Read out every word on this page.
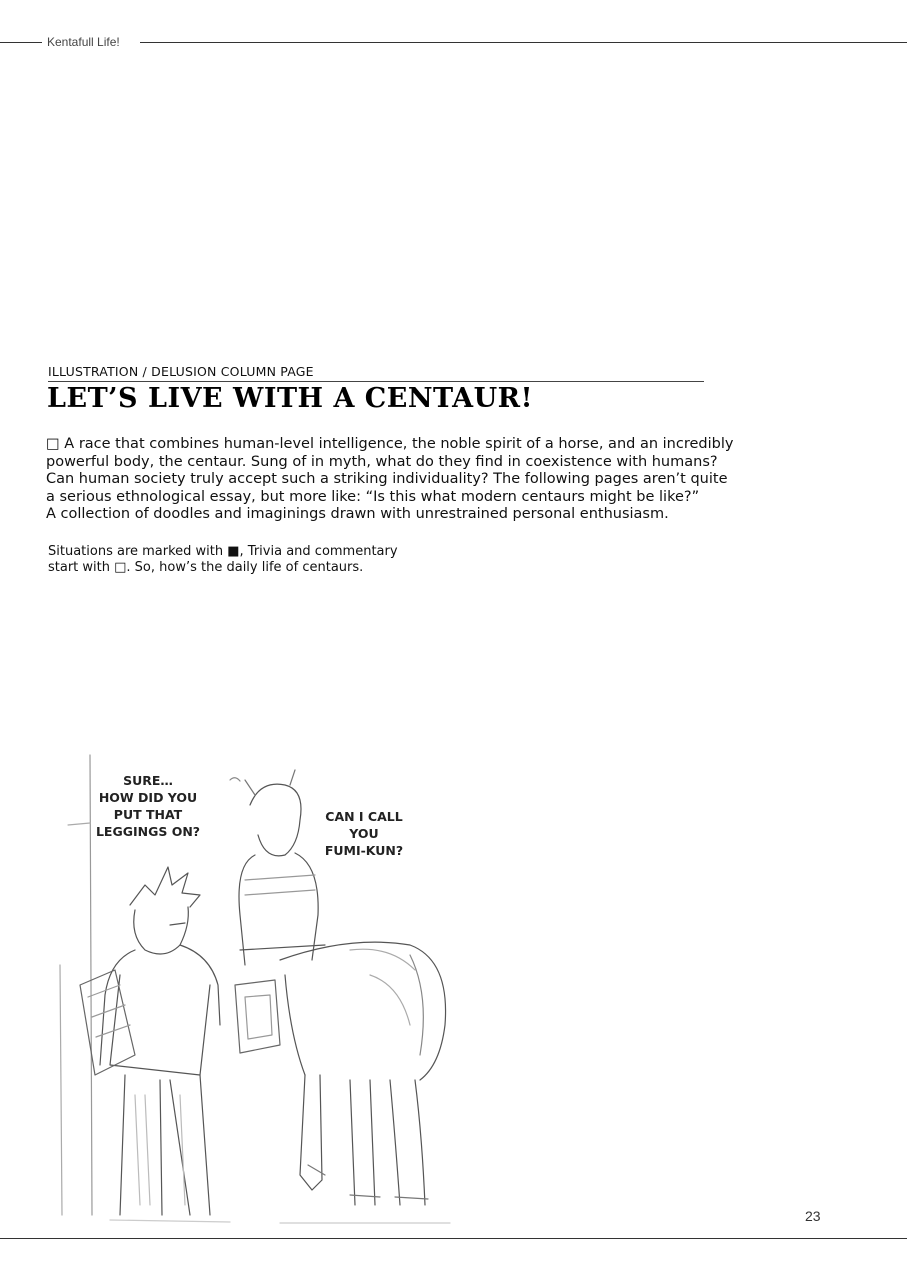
Kentafull Life!
ILLUSTRATION / DELUSION COLUMN PAGE
LET’S LIVE WITH A CENTAUR!
□ A race that combines human-level intelligence, the noble spirit of a horse, and an incredibly
powerful body, the centaur. Sung of in myth, what do they find in coexistence with humans?
Can human society truly accept such a striking individuality? The following pages aren’t quite
a serious ethnological essay, but more like: “Is this what modern centaurs might be like?”
A collection of doodles and imaginings drawn with unrestrained personal enthusiasm.
Situations are marked with ■, Trivia and commentary
start with □. So, how’s the daily life of centaurs.
SURE…
HOW DID YOU
PUT THAT
LEGGINGS ON?
CAN I CALL
YOU
FUMI-KUN?
23
